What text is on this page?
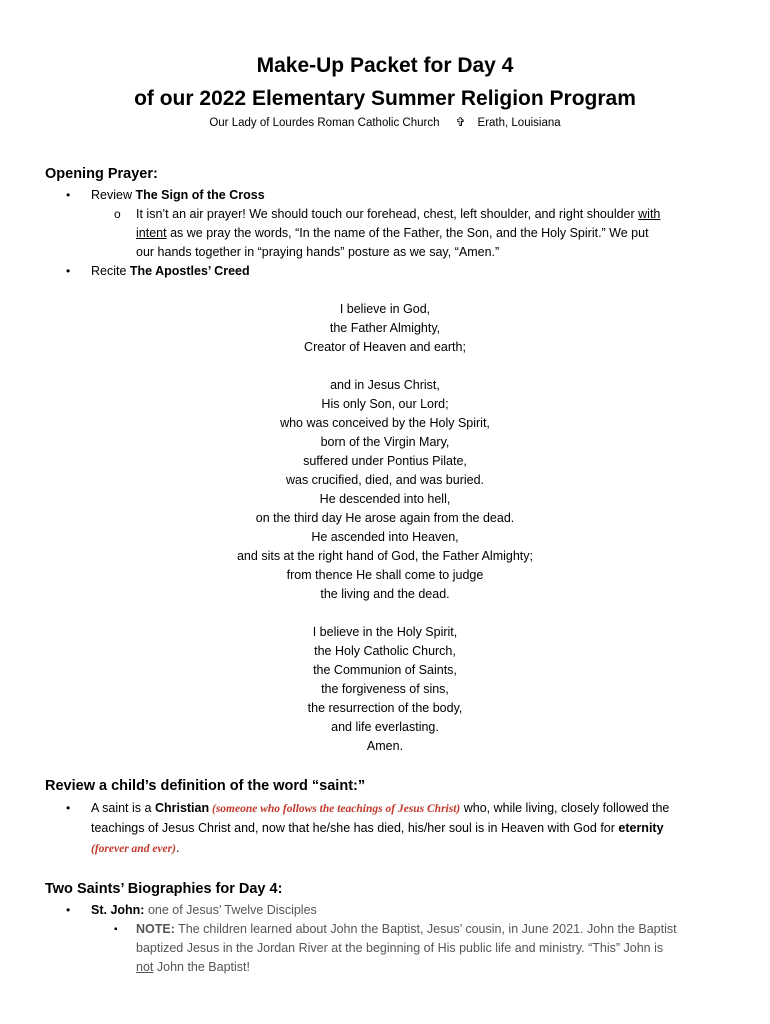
Make-Up Packet for Day 4
of our 2022 Elementary Summer Religion Program
Our Lady of Lourdes Roman Catholic Church ✞ Erath, Louisiana
Opening Prayer:
• Review The Sign of the Cross
o It isn’t an air prayer! We should touch our forehead, chest, left shoulder, and right shoulder with
intent as we pray the words, “In the name of the Father, the Son, and the Holy Spirit.” We put
our hands together in “praying hands” posture as we say, “Amen.”
• Recite The Apostles’ Creed
I believe in God,
the Father Almighty,
Creator of Heaven and earth;
and in Jesus Christ,
His only Son, our Lord;
who was conceived by the Holy Spirit,
born of the Virgin Mary,
suffered under Pontius Pilate,
was crucified, died, and was buried.
He descended into hell,
on the third day He arose again from the dead.
He ascended into Heaven,
and sits at the right hand of God, the Father Almighty;
from thence He shall come to judge
the living and the dead.
I believe in the Holy Spirit,
the Holy Catholic Church,
the Communion of Saints,
the forgiveness of sins,
the resurrection of the body,
and life everlasting.
Amen.
Review a child’s definition of the word “saint:”
• A saint is a Christian (someone who follows the teachings of Jesus Christ) who, while living, closely followed the
teachings of Jesus Christ and, now that he/she has died, his/her soul is in Heaven with God for eternity
(forever and ever).
Two Saints’ Biographies for Day 4:
• St. John: one of Jesus’ Twelve Disciples
▪ NOTE: The children learned about John the Baptist, Jesus’ cousin, in June 2021. John the Baptist
baptized Jesus in the Jordan River at the beginning of His public life and ministry. “This” John is
not John the Baptist!
